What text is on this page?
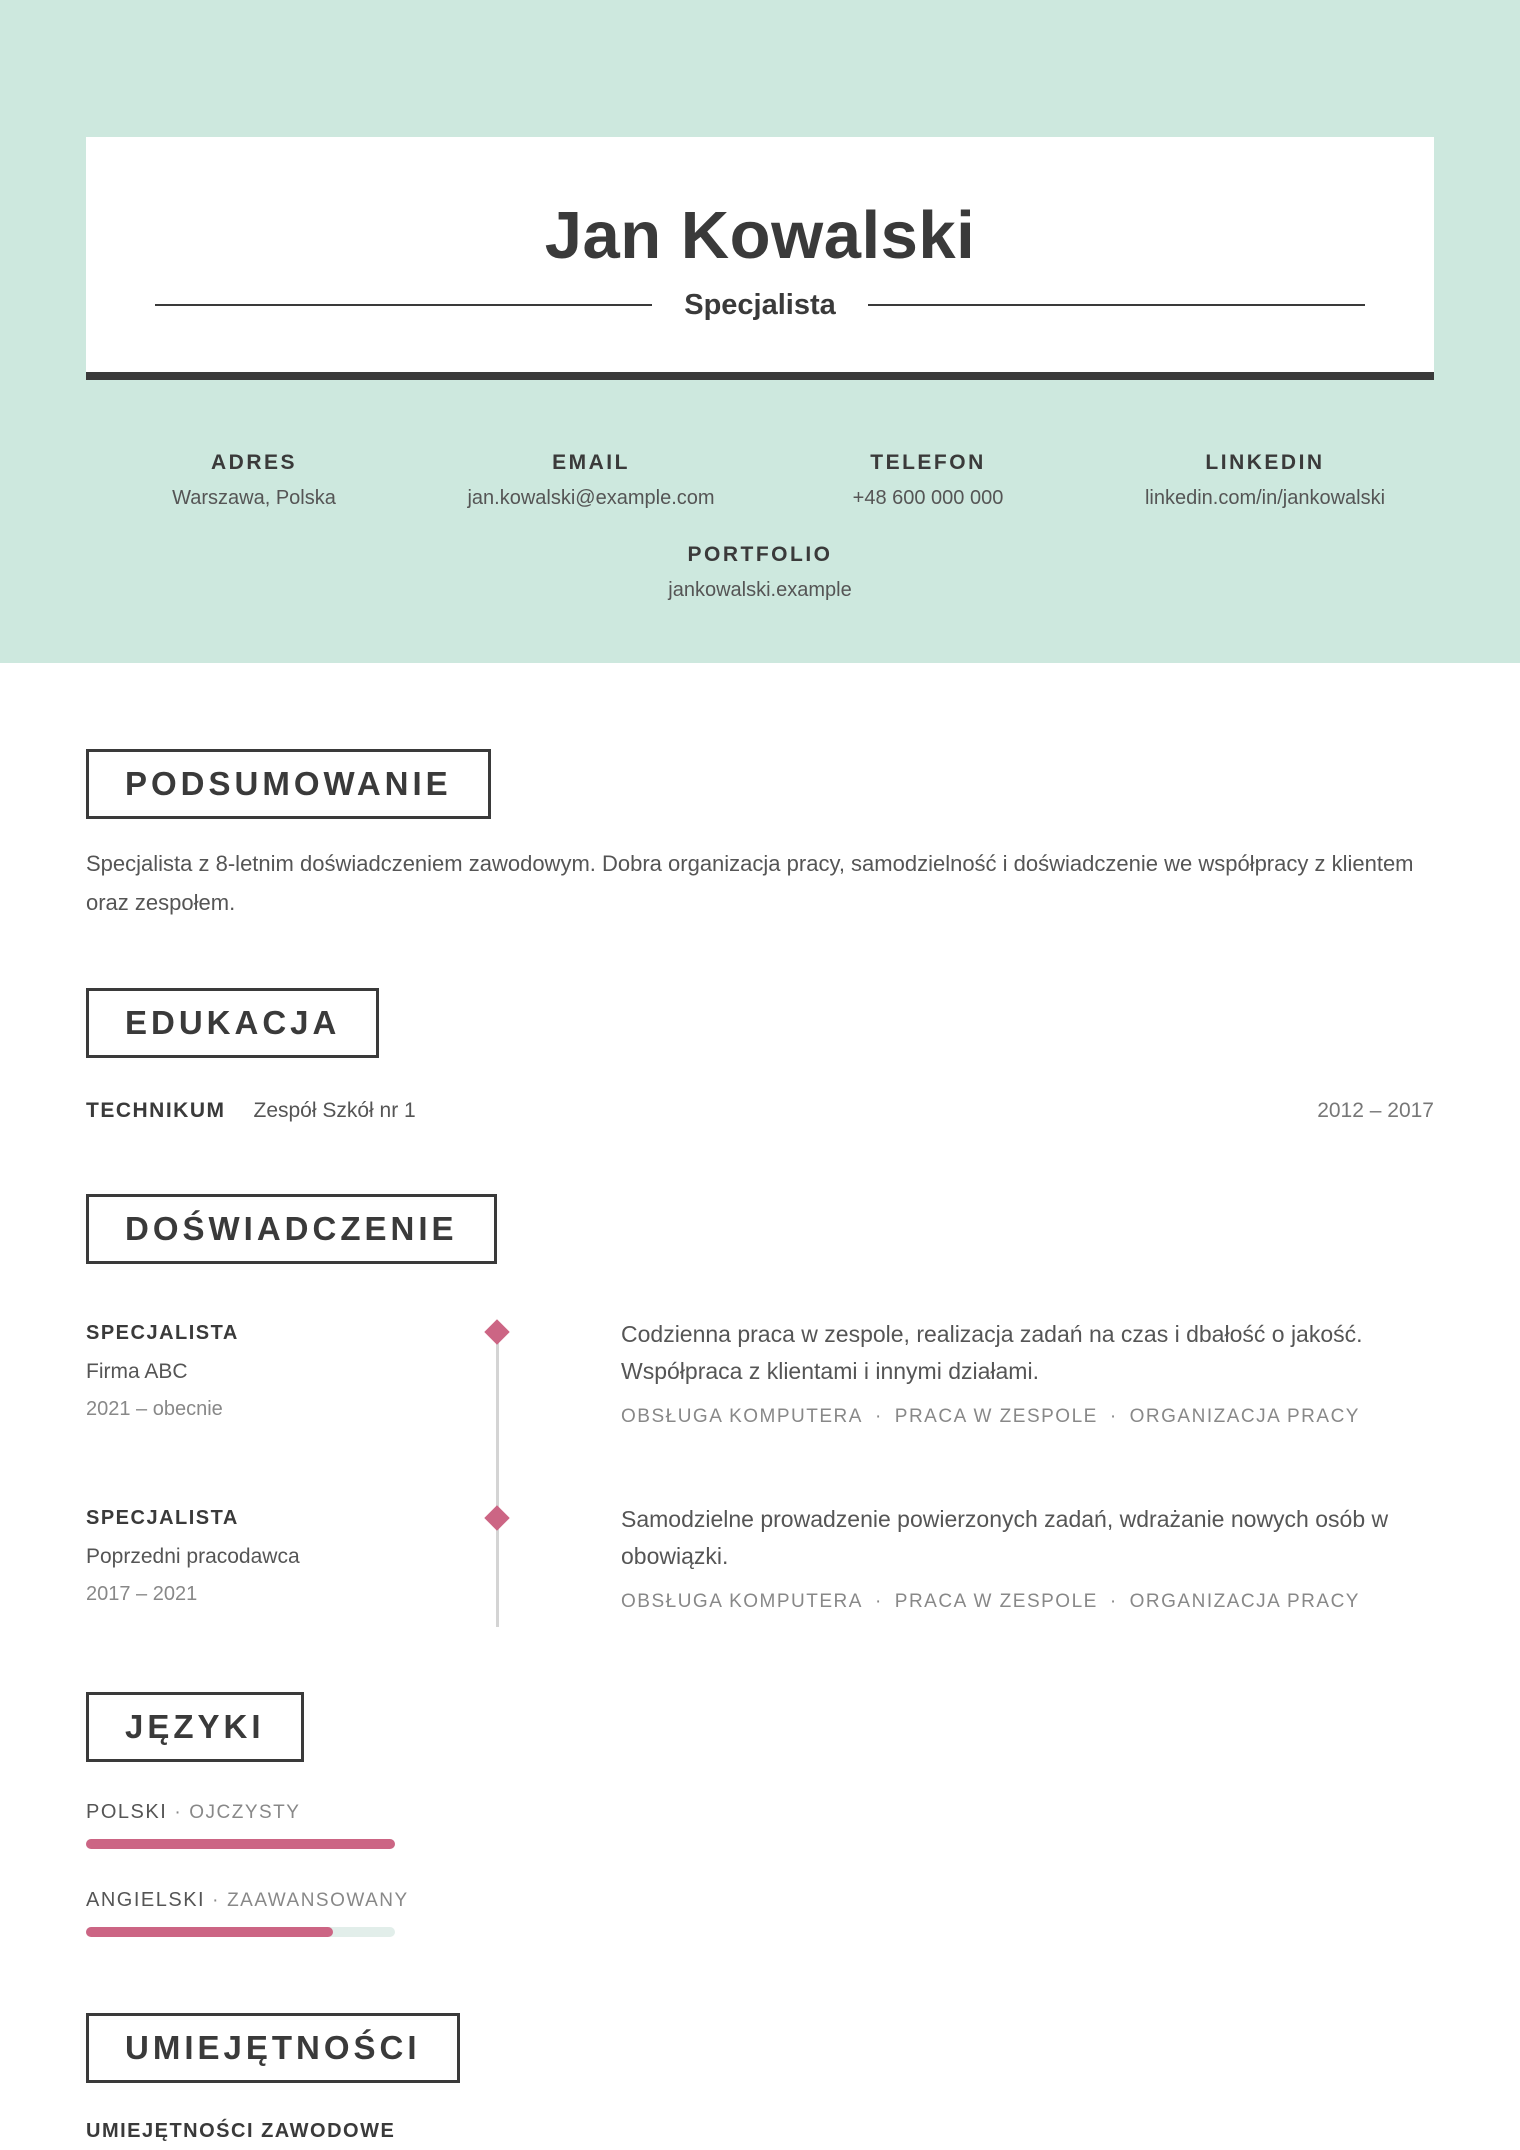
Jan Kowalski
Specjalista
ADRES
Warszawa, Polska
EMAIL
jan.kowalski@example.com
TELEFON
+48 600 000 000
LINKEDIN
linkedin.com/in/jankowalski
PORTFOLIO
jankowalski.example
PODSUMOWANIE
Specjalista z 8-letnim doświadczeniem zawodowym. Dobra organizacja pracy, samodzielność i doświadczenie we współpracy z klientem oraz zespołem.
EDUKACJA
TECHNIKUM Zespół Szkół nr 1	2012 – 2017
DOŚWIADCZENIE
SPECJALISTA
Firma ABC
2021 – obecnie
Codzienna praca w zespole, realizacja zadań na czas i dbałość o jakość. Współpraca z klientami i innymi działami.
OBSŁUGA KOMPUTERA · PRACA W ZESPOLE · ORGANIZACJA PRACY
SPECJALISTA
Poprzedni pracodawca
2017 – 2021
Samodzielne prowadzenie powierzonych zadań, wdrażanie nowych osób w obowiązki.
OBSŁUGA KOMPUTERA · PRACA W ZESPOLE · ORGANIZACJA PRACY
JĘZYKI
POLSKI · OJCZYSTY
ANGIELSKI · ZAAWANSOWANY
UMIEJĘTNOŚCI
UMIEJĘTNOŚCI ZAWODOWE
